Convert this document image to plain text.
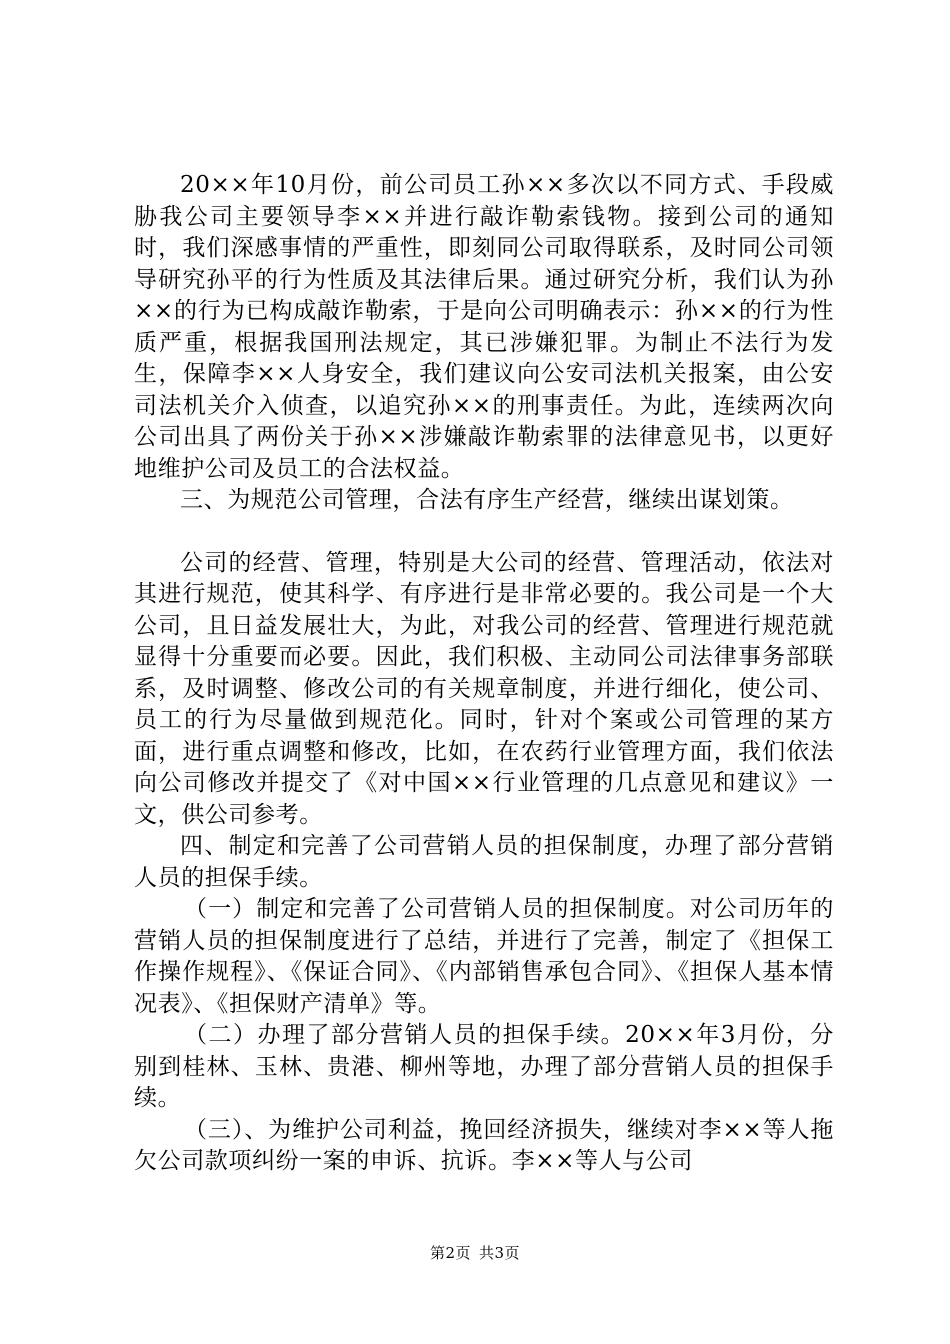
20××年10月份，前公司员工孙××多次以不同方式、手段威胁我公司主要领导李××并进行敲诈勒索钱物。接到公司的通知时，我们深感事情的严重性，即刻同公司取得联系，及时同公司领导研究孙平的行为性质及其法律后果。通过研究分析，我们认为孙××的行为已构成敲诈勒索，于是向公司明确表示：孙××的行为性质严重，根据我国刑法规定，其已涉嫌犯罪。为制止不法行为发生，保障李××人身安全，我们建议向公安司法机关报案，由公安司法机关介入侦查，以追究孙××的刑事责任。为此，连续两次向公司出具了两份关于孙××涉嫌敲诈勒索罪的法律意见书，以更好地维护公司及员工的合法权益。

三、为规范公司管理，合法有序生产经营，继续出谋划策。

公司的经营、管理，特别是大公司的经营、管理活动，依法对其进行规范，使其科学、有序进行是非常必要的。我公司是一个大公司，且日益发展壮大，为此，对我公司的经营、管理进行规范就显得十分重要而必要。因此，我们积极、主动同公司法律事务部联系，及时调整、修改公司的有关规章制度，并进行细化，使公司、员工的行为尽量做到规范化。同时，针对个案或公司管理的某方面，进行重点调整和修改，比如，在农药行业管理方面，我们依法向公司修改并提交了《对中国××行业管理的几点意见和建议》一文，供公司参考。

四、制定和完善了公司营销人员的担保制度，办理了部分营销人员的担保手续。

（一）制定和完善了公司营销人员的担保制度。对公司历年的营销人员的担保制度进行了总结，并进行了完善，制定了《担保工作操作规程》、《保证合同》、《内部销售承包合同》、《担保人基本情况表》、《担保财产清单》等。

（二）办理了部分营销人员的担保手续。20××年3月份，分别到桂林、玉林、贵港、柳州等地，办理了部分营销人员的担保手续。

（三）、为维护公司利益，挽回经济损失，继续对李××等人拖欠公司款项纠纷一案的申诉、抗诉。李××等人与公司

第2页 共3页
